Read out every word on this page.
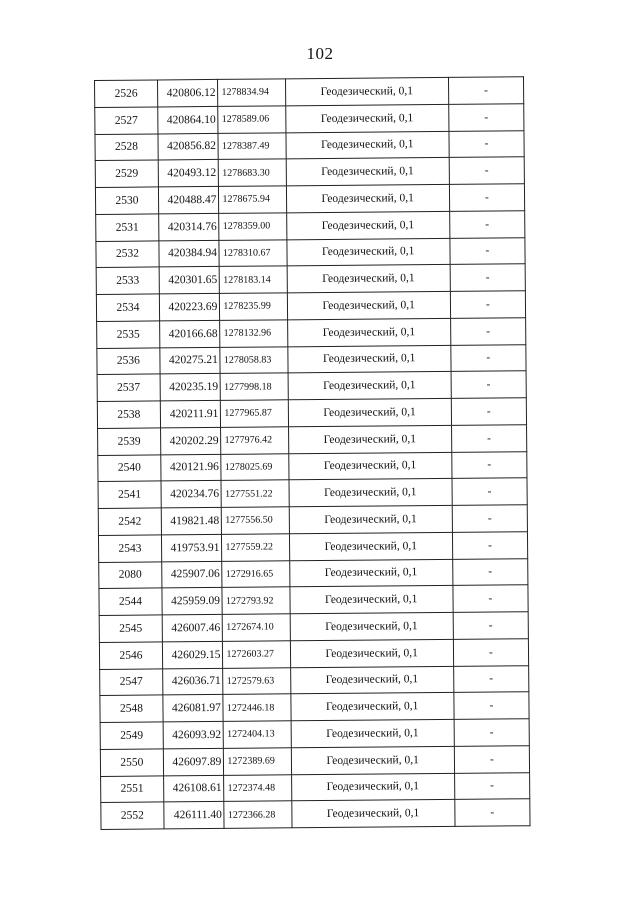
102
2526	420806.12	1278834.94	Геодезический, 0,1	-
2527	420864.10	1278589.06	Геодезический, 0,1	-
2528	420856.82	1278387.49	Геодезический, 0,1	-
2529	420493.12	1278683.30	Геодезический, 0,1	-
2530	420488.47	1278675.94	Геодезический, 0,1	-
2531	420314.76	1278359.00	Геодезический, 0,1	-
2532	420384.94	1278310.67	Геодезический, 0,1	-
2533	420301.65	1278183.14	Геодезический, 0,1	-
2534	420223.69	1278235.99	Геодезический, 0,1	-
2535	420166.68	1278132.96	Геодезический, 0,1	-
2536	420275.21	1278058.83	Геодезический, 0,1	-
2537	420235.19	1277998.18	Геодезический, 0,1	-
2538	420211.91	1277965.87	Геодезический, 0,1	-
2539	420202.29	1277976.42	Геодезический, 0,1	-
2540	420121.96	1278025.69	Геодезический, 0,1	-
2541	420234.76	1277551.22	Геодезический, 0,1	-
2542	419821.48	1277556.50	Геодезический, 0,1	-
2543	419753.91	1277559.22	Геодезический, 0,1	-
2080	425907.06	1272916.65	Геодезический, 0,1	-
2544	425959.09	1272793.92	Геодезический, 0,1	-
2545	426007.46	1272674.10	Геодезический, 0,1	-
2546	426029.15	1272603.27	Геодезический, 0,1	-
2547	426036.71	1272579.63	Геодезический, 0,1	-
2548	426081.97	1272446.18	Геодезический, 0,1	-
2549	426093.92	1272404.13	Геодезический, 0,1	-
2550	426097.89	1272389.69	Геодезический, 0,1	-
2551	426108.61	1272374.48	Геодезический, 0,1	-
2552	426111.40	1272366.28	Геодезический, 0,1	-
